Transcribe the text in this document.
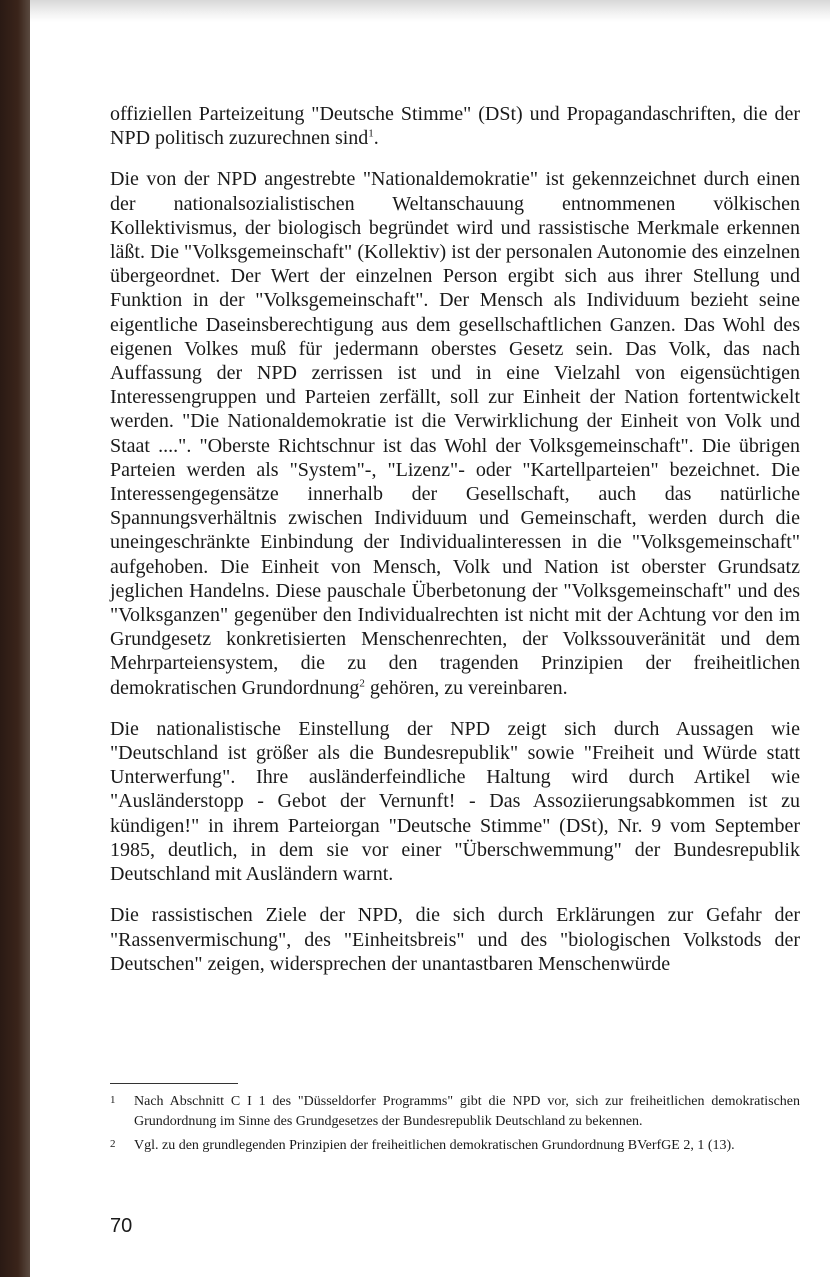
offiziellen Parteizeitung "Deutsche Stimme" (DSt) und Propagandaschriften, die der NPD politisch zuzurechnen sind$^1$.

Die von der NPD angestrebte "Nationaldemokratie" ist gekennzeichnet durch einen der nationalsozialistischen Weltanschauung entnommenen völkischen Kollektivismus, der biologisch begründet wird und rassistische Merkmale erkennen läßt. Die "Volksgemeinschaft" (Kollektiv) ist der personalen Autonomie des einzelnen übergeordnet. Der Wert der einzelnen Person ergibt sich aus ihrer Stellung und Funktion in der "Volksgemeinschaft". Der Mensch als Individuum bezieht seine eigentliche Daseinsberechtigung aus dem gesellschaftlichen Ganzen. Das Wohl des eigenen Volkes muß für jedermann oberstes Gesetz sein. Das Volk, das nach Auffassung der NPD zerrissen ist und in eine Vielzahl von eigensüchtigen Interessengruppen und Parteien zerfällt, soll zur Einheit der Nation fortentwickelt werden. "Die Nationaldemokratie ist die Verwirklichung der Einheit von Volk und Staat ....". "Oberste Richtschnur ist das Wohl der Volksgemeinschaft". Die übrigen Parteien werden als "System"-, "Lizenz"- oder "Kartellparteien" bezeichnet. Die Interessengegensätze innerhalb der Gesellschaft, auch das natürliche Spannungsverhältnis zwischen Individuum und Gemeinschaft, werden durch die uneingeschränkte Einbindung der Individualinteressen in die "Volksgemeinschaft" aufgehoben. Die Einheit von Mensch, Volk und Nation ist oberster Grundsatz jeglichen Handelns. Diese pauschale Überbetonung der "Volksgemeinschaft" und des "Volksganzen" gegenüber den Individualrechten ist nicht mit der Achtung vor den im Grundgesetz konkretisierten Menschenrechten, der Volkssouveränität und dem Mehrparteiensystem, die zu den tragenden Prinzipien der freiheitlichen demokratischen Grundordnung$^2$ gehören, zu vereinbaren.

Die nationalistische Einstellung der NPD zeigt sich durch Aussagen wie "Deutschland ist größer als die Bundesrepublik" sowie "Freiheit und Würde statt Unterwerfung". Ihre ausländerfeindliche Haltung wird durch Artikel wie "Ausländerstopp - Gebot der Vernunft! - Das Assoziierungsabkommen ist zu kündigen!" in ihrem Parteiorgan "Deutsche Stimme" (DSt), Nr. 9 vom September 1985, deutlich, in dem sie vor einer "Überschwemmung" der Bundesrepublik Deutschland mit Ausländern warnt.

Die rassistischen Ziele der NPD, die sich durch Erklärungen zur Gefahr der "Rassenvermischung", des "Einheitsbreis" und des "biologischen Volkstods der Deutschen" zeigen, widersprechen der unantastbaren Menschenwürde

1 Nach Abschnitt C I 1 des "Düsseldorfer Programms" gibt die NPD vor, sich zur freiheitlichen demokratischen Grundordnung im Sinne des Grundgesetzes der Bundesrepublik Deutschland zu bekennen.
2 Vgl. zu den grundlegenden Prinzipien der freiheitlichen demokratischen Grundordnung BVerfGE 2, 1 (13).
70
